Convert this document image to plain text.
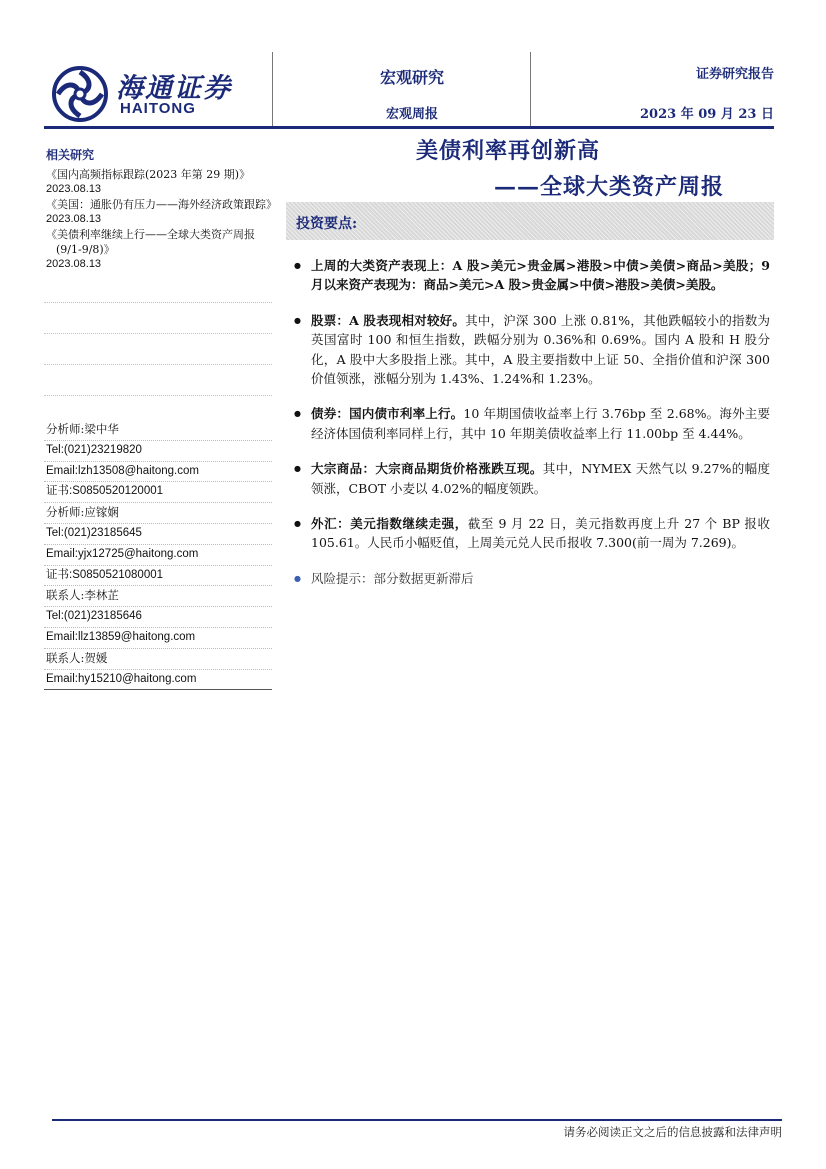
海通证券
HAITONG
宏观研究
宏观周报
证券研究报告
2023 年 09 月 23 日
美债利率再创新高
——全球大类资产周报
相关研究
《国内高频指标跟踪(2023 年第 29 期)》
2023.08.13
《美国：通胀仍有压力——海外经济政策跟踪》
2023.08.13
《美债利率继续上行——全球大类资产周报(9/1-9/8)》
2023.08.13
分析师:梁中华
Tel:(021)23219820
Email:lzh13508@haitong.com
证书:S0850520120001
分析师:应镓娴
Tel:(021)23185645
Email:yjx12725@haitong.com
证书:S0850521080001
联系人:李林芷
Tel:(021)23185646
Email:llz13859@haitong.com
联系人:贺媛
Email:hy15210@haitong.com
投资要点:
● 上周的大类资产表现上：A 股>美元>贵金属>港股>中债>美债>商品>美股；9 月以来资产表现为：商品>美元>A 股>贵金属>中债>港股>美债>美股。
● 股票：A 股表现相对较好。其中，沪深 300 上涨 0.81%，其他跌幅较小的指数为英国富时 100 和恒生指数，跌幅分别为 0.36%和 0.69%。国内 A 股和 H 股分化，A 股中大多股指上涨。其中，A 股主要指数中上证 50、全指价值和沪深 300 价值领涨，涨幅分别为 1.43%、1.24%和 1.23%。
● 债券：国内债市利率上行。10 年期国债收益率上行 3.76bp 至 2.68%。海外主要经济体国债利率同样上行，其中 10 年期美债收益率上行 11.00bp 至 4.44%。
● 大宗商品：大宗商品期货价格涨跌互现。其中，NYMEX 天然气以 9.27%的幅度领涨，CBOT 小麦以 4.02%的幅度领跌。
● 外汇：美元指数继续走强，截至 9 月 22 日，美元指数再度上升 27 个 BP 报收 105.61。人民币小幅贬值，上周美元兑人民币报收 7.300(前一周为 7.269)。
● 风险提示：部分数据更新滞后
请务必阅读正文之后的信息披露和法律声明
